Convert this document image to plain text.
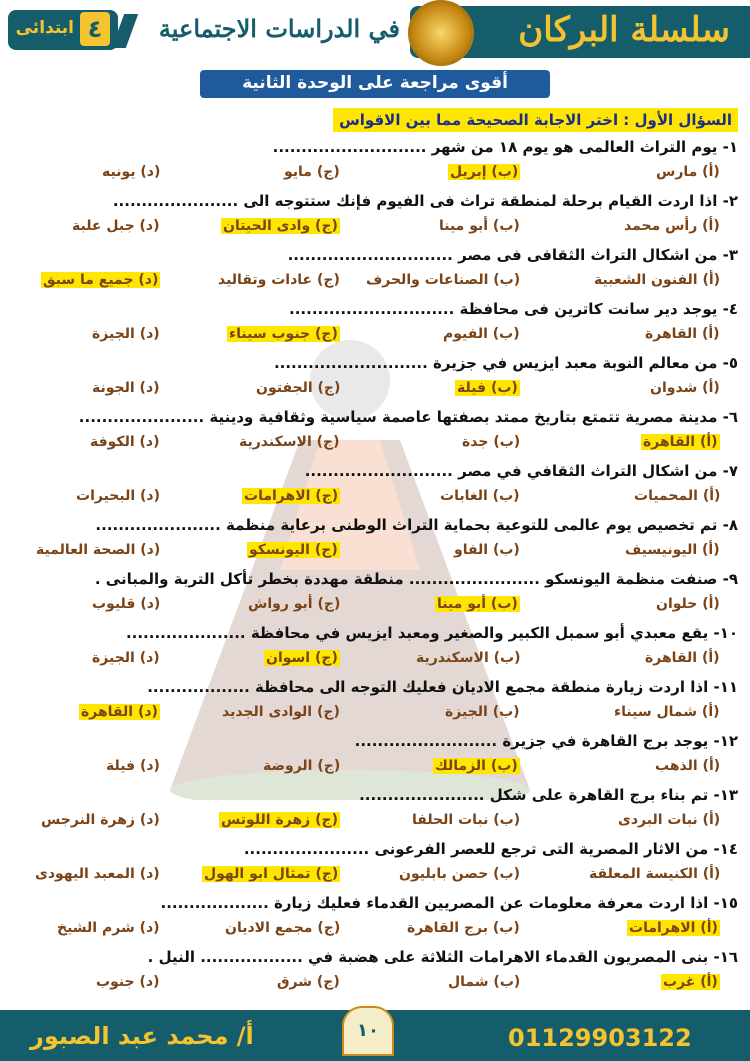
سلسلة البركان
في الدراسات الاجتماعية
٤
ابتدائى
أقوى مراجعة على الوحدة الثانية
السؤال الأول : اختر الاجابة الصحيحة مما بين الاقواس
١- يوم التراث العالمى هو يوم ١٨ من شهر ...........................
(أ) مارس
(ب) إبريل
(ج) مايو
(د) يونيه
٢- اذا اردت القيام برحلة لمنطقة تراث فى الفيوم فإنك ستتوجه الى ......................
(أ) رأس محمد
(ب) أبو مينا
(ج) وادى الحيتان
(د) جبل علبة
٣- من اشكال التراث الثقافى فى مصر .............................
(أ) الفنون الشعبية
(ب) الصناعات والحرف
(ج) عادات وتقاليد
(د) جميع ما سبق
٤- يوجد دير سانت كاترين فى محافظة .............................
(أ) القاهرة
(ب) الفيوم
(ج) جنوب سيناء
(د) الجيزة
٥- من معالم النوبة معبد ايزيس في جزيرة ...........................
(أ) شدوان
(ب) فيلة
(ج) الجفتون
(د) الجونة
٦- مدينة مصرية تتمتع بتاريخ ممتد بصفتها عاصمة سياسية وثقافية ودينية ......................
(أ) القاهرة
(ب) جدة
(ج) الاسكندرية
(د) الكوفة
٧- من اشكال التراث الثقافي في مصر ..........................
(أ) المحميات
(ب) الغابات
(ج) الاهرامات
(د) البحيرات
٨- تم تخصيص يوم عالمى للتوعية بحماية التراث الوطنى برعاية منظمة ......................
(أ) اليونيسيف
(ب) الفاو
(ج) اليونسكو
(د) الصحة العالمية
٩- صنفت منظمة اليونسكو ....................... منطقة مهددة بخطر تأكل التربة والمبانى .
(أ) حلوان
(ب) أبو مينا
(ج) أبو رواش
(د) قليوب
١٠- يقع معبدي أبو سمبل الكبير والصغير ومعبد ايزيس في محافظة .....................
(أ) القاهرة
(ب) الاسكندرية
(ج) اسوان
(د) الجيزة
١١- اذا اردت زيارة منطقة مجمع الاديان فعليك التوجه الى محافظة ..................
(أ) شمال سيناء
(ب) الجيزة
(ج) الوادى الجديد
(د) القاهرة
١٢- يوجد برج القاهرة في جزيرة .........................
(أ) الذهب
(ب) الزمالك
(ج) الروضة
(د) فيلة
١٣- تم بناء برج القاهرة على شكل ......................
(أ) نبات البردى
(ب) نبات الحلفا
(ج) زهرة اللوتس
(د) زهرة النرجس
١٤- من الاثار المصرية التى ترجع للعصر الفرعونى ......................
(أ) الكنيسة المعلقة
(ب) حصن بابليون
(ج) تمثال ابو الهول
(د) المعبد اليهودى
١٥- اذا اردت معرفة معلومات عن المصريين القدماء فعليك زيارة ...................
(أ) الاهرامات
(ب) برج القاهرة
(ج) مجمع الاديان
(د) شرم الشيخ
١٦- بنى المصريون القدماء الاهرامات الثلاثة على هضبة في .................. النيل .
(أ) غرب
(ب) شمال
(ج) شرق
(د) جنوب
01129903122
أ/ محمد عبد الصبور	١٠
